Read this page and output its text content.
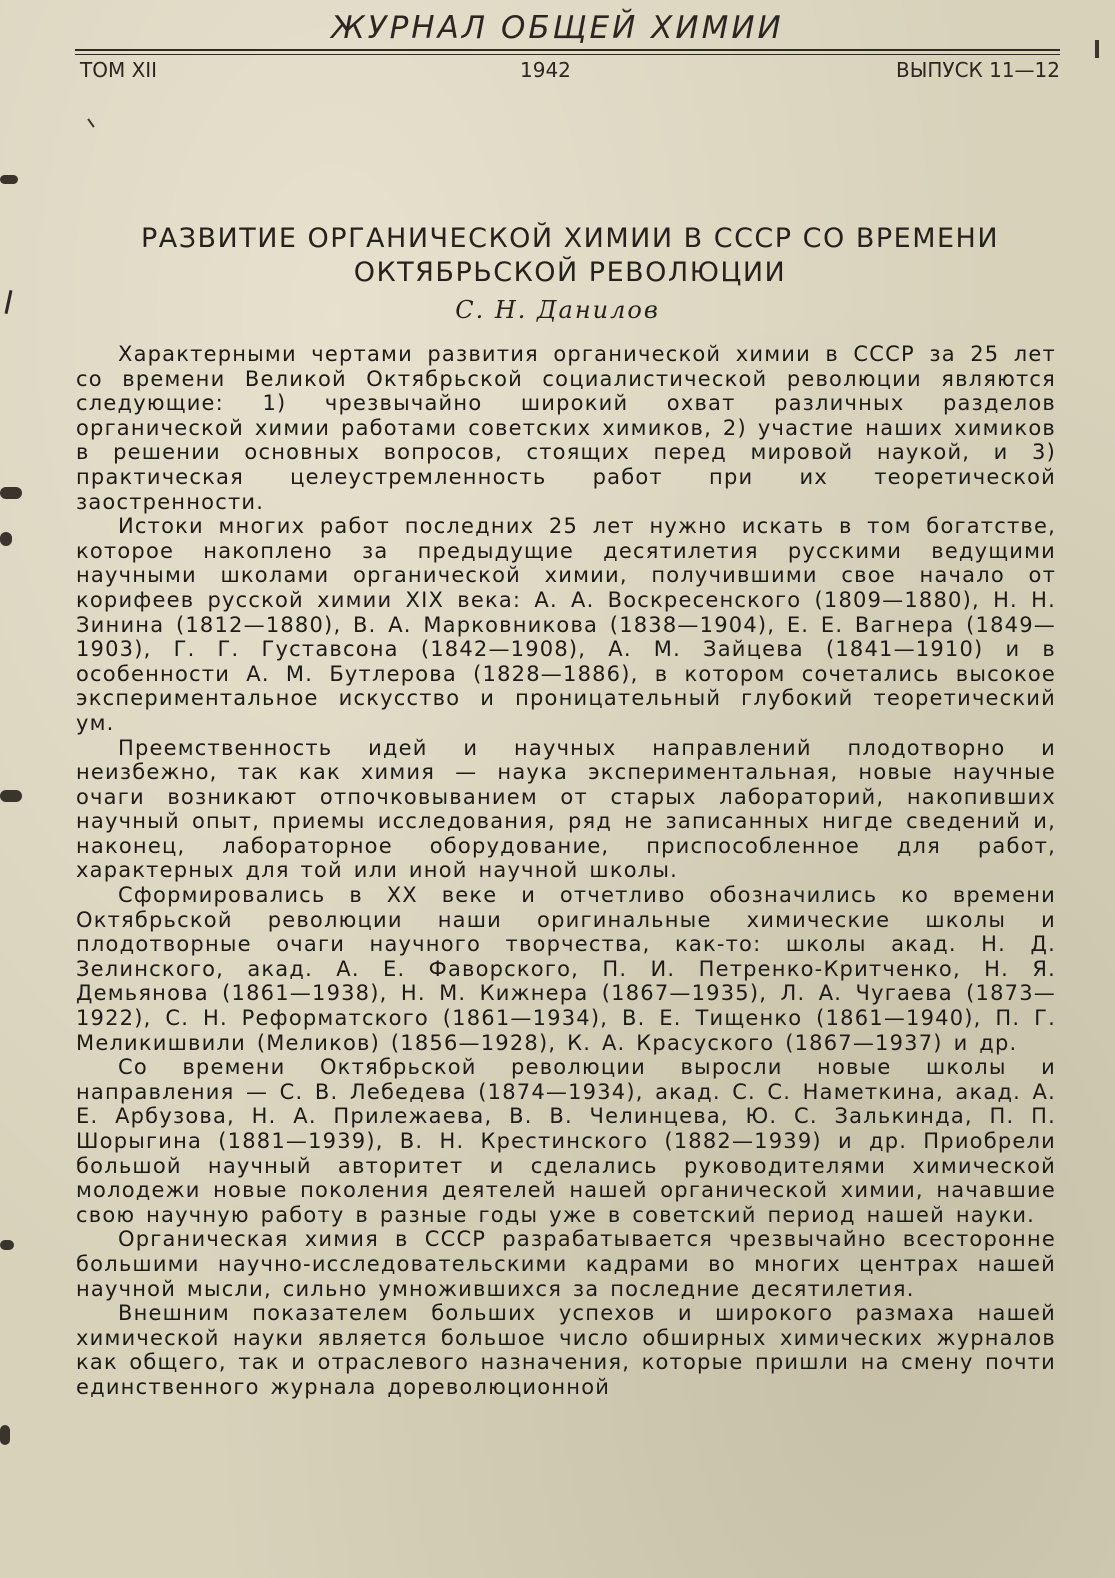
ЖУРНАЛ ОБЩЕЙ ХИМИИ
ТОМ XII	1942	ВЫПУСК 11—12
РАЗВИТИЕ ОРГАНИЧЕСКОЙ ХИМИИ В СССР СО ВРЕМЕНИ
ОКТЯБРЬСКОЙ РЕВОЛЮЦИИ
С. Н. Данилов

Характерными чертами развития органической химии в СССР за 25 лет со времени Великой Октябрьской социалистической революции являются следующие: 1) чрезвычайно широкий охват различных разделов органической химии работами советских химиков, 2) участие наших химиков в решении основных вопросов, стоящих перед мировой наукой, и 3) практическая целеустремленность работ при их теоретической заостренности.

Истоки многих работ последних 25 лет нужно искать в том богатстве, которое накоплено за предыдущие десятилетия русскими ведущими научными школами органической химии, получившими свое начало от корифеев русской химии XIX века: А. А. Воскресенского (1809—1880), Н. Н. Зинина (1812—1880), В. А. Марковникова (1838—1904), Е. Е. Вагнера (1849—1903), Г. Г. Густавсона (1842—1908), А. М. Зайцева (1841—1910) и в особенности А. М. Бутлерова (1828—1886), в котором сочетались высокое экспериментальное искусство и проницательный глубокий теоретический ум.

Преемственность идей и научных направлений плодотворно и неизбежно, так как химия — наука экспериментальная, новые научные очаги возникают отпочковыванием от старых лабораторий, накопивших научный опыт, приемы исследования, ряд не записанных нигде сведений и, наконец, лабораторное оборудование, приспособленное для работ, характерных для той или иной научной школы.

Сформировались в XX веке и отчетливо обозначились ко времени Октябрьской революции наши оригинальные химические школы и плодотворные очаги научного творчества, как-то: школы акад. Н. Д. Зелинского, акад. А. Е. Фаворского, П. И. Петренко-Критченко, Н. Я. Демьянова (1861—1938), Н. М. Кижнера (1867—1935), Л. А. Чугаева (1873—1922), С. Н. Реформатского (1861—1934), В. Е. Тищенко (1861—1940), П. Г. Меликишвили (Меликов) (1856—1928), К. А. Красуского (1867—1937) и др.

Со времени Октябрьской революции выросли новые школы и направления — С. В. Лебедева (1874—1934), акад. С. С. Наметкина, акад. А. Е. Арбузова, Н. А. Прилежаева, В. В. Челинцева, Ю. С. Залькинда, П. П. Шорыгина (1881—1939), В. Н. Крестинского (1882—1939) и др. Приобрели большой научный авторитет и сделались руководителями химической молодежи новые поколения деятелей нашей органической химии, начавшие свою научную работу в разные годы уже в советский период нашей науки.

Органическая химия в СССР разрабатывается чрезвычайно всесторонне большими научно-исследовательскими кадрами во многих центрах нашей научной мысли, сильно умножившихся за последние десятилетия.

Внешним показателем больших успехов и широкого размаха нашей химической науки является большое число обширных химических журналов как общего, так и отраслевого назначения, которые пришли на смену почти единственного журнала дореволюционной
